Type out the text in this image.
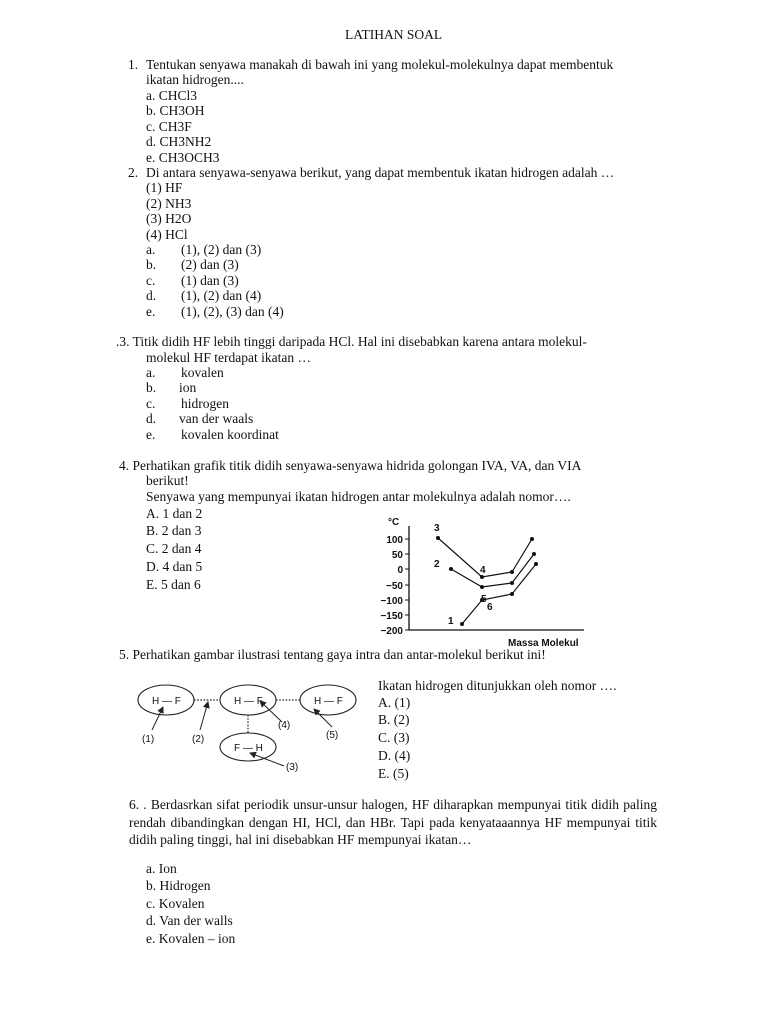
LATIHAN SOAL
1. Tentukan senyawa manakah di bawah ini yang molekul-molekulnya dapat membentuk
ikatan hidrogen....
a. CHCl3
b. CH3OH
c. CH3F
d. CH3NH2
e. CH3OCH3
2. Di antara senyawa-senyawa berikut, yang dapat membentuk ikatan hidrogen adalah …
(1) HF
(2) NH3
(3) H2O
(4) HCl
a. (1), (2) dan (3)
b. (2) dan (3)
c. (1) dan (3)
d. (1), (2) dan (4)
e. (1), (2), (3) dan (4)
.3. Titik didih HF lebih tinggi daripada HCl. Hal ini disebabkan karena antara molekul-
molekul HF terdapat ikatan …
a. kovalen
b. ion
c. hidrogen
d. van der waals
e. kovalen koordinat
4. Perhatikan grafik titik didih senyawa-senyawa hidrida golongan IVA, VA, dan VIA
berikut!
Senyawa yang mempunyai ikatan hidrogen antar molekulnya adalah nomor….
A. 1 dan 2
B. 2 dan 3
C. 2 dan 4
D. 4 dan 5
E. 5 dan 6
°C
100
50
0
−50
−100
−150
−200
3
2
4
5
6
1
Massa Molekul
5. Perhatikan gambar ilustrasi tentang gaya intra dan antar-molekul berikut ini!
Ikatan hidrogen ditunjukkan oleh nomor ….
A. (1)
B. (2)
C. (3)
D. (4)
E. (5)
H — F	H — F	H — F
F — H
(1)	(2)
(3)
(4)
(5)
6. . Berdasrkan sifat periodik unsur-unsur halogen, HF diharapkan mempunyai titik didih paling rendah dibandingkan dengan HI, HCl, dan HBr. Tapi pada kenyataaannya HF mempunyai titik didih paling tinggi, hal ini disebabkan HF mempunyai ikatan…
a. Ion
b. Hidrogen
c. Kovalen
d. Van der walls
e. Kovalen – ion
